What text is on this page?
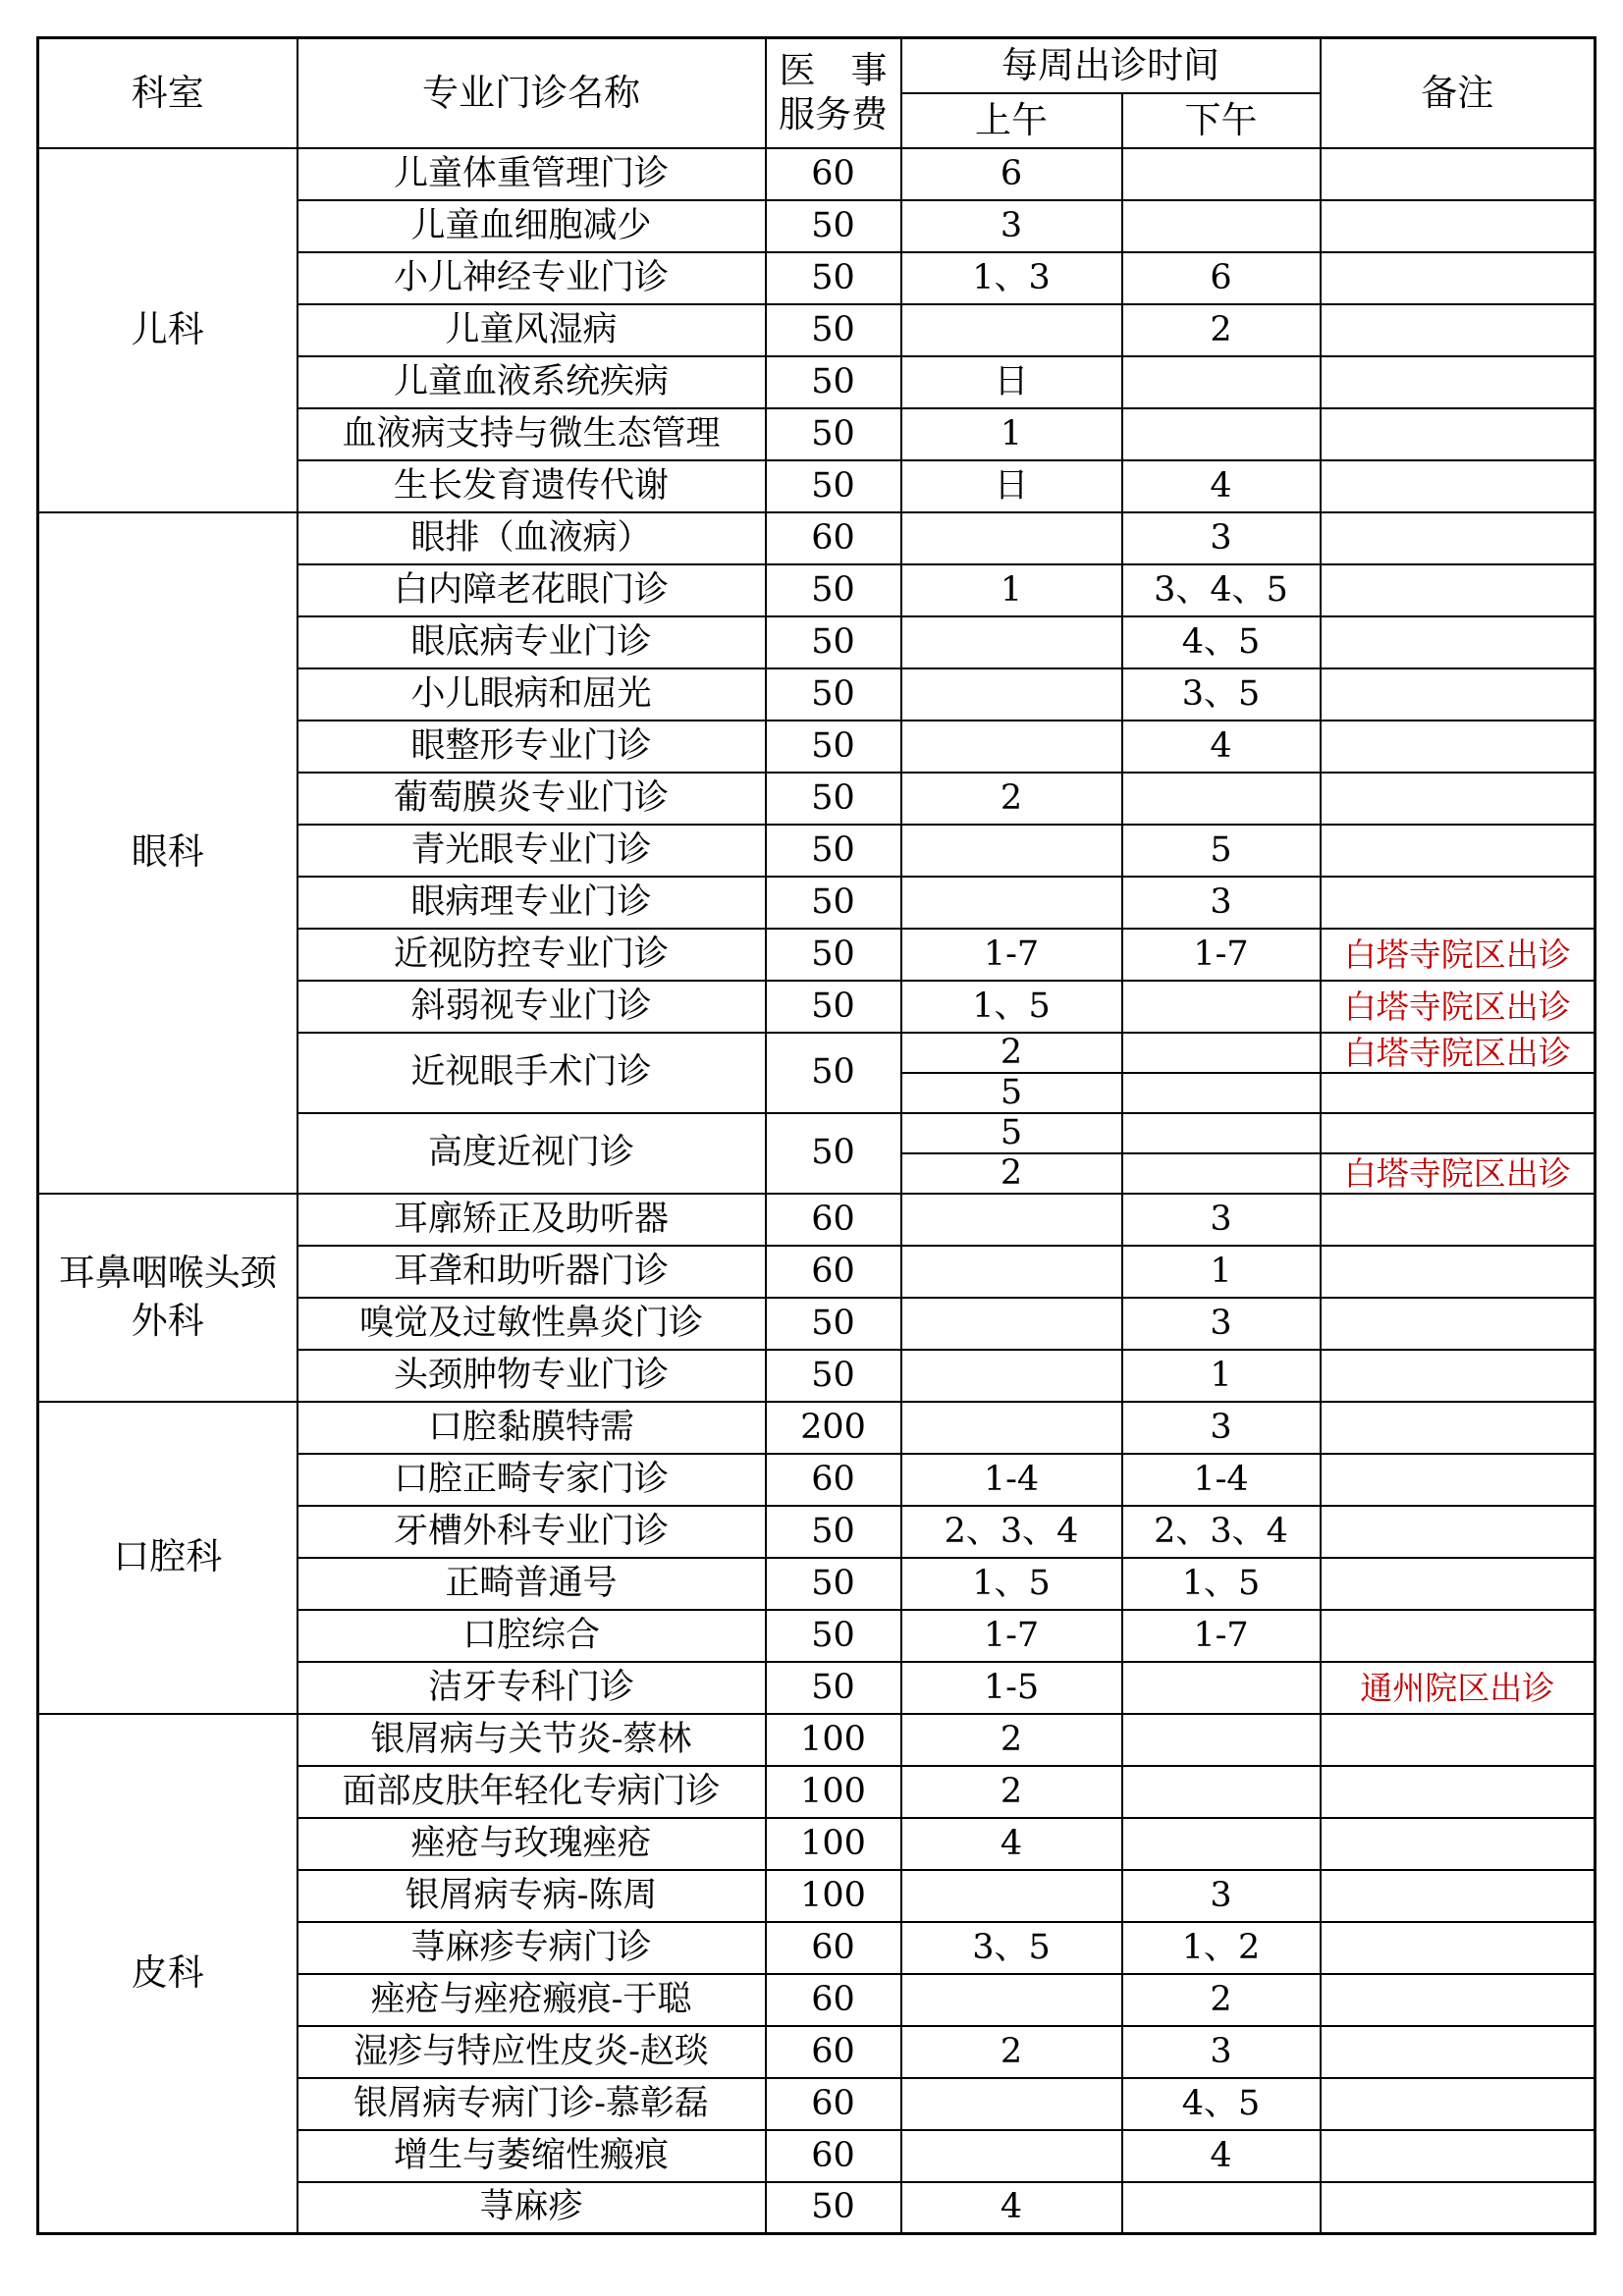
科室	专业门诊名称	医事
服务费	每周出诊时间		备注
			上午	下午	
儿科	儿童体重管理门诊	60	6		
	儿童血细胞减少	50	3		
	小儿神经专业门诊	50	1、3	6	
	儿童风湿病	50		2	
	儿童血液系统疾病	50	日		
	血液病支持与微生态管理	50	1		
	生长发育遗传代谢	50	日	4	
眼科	眼排（血液病）	60		3	
	白内障老花眼门诊	50	1	3、4、5	
	眼底病专业门诊	50		4、5	
	小儿眼病和屈光	50		3、5	
	眼整形专业门诊	50		4	
	葡萄膜炎专业门诊	50	2		
	青光眼专业门诊	50		5	
	眼病理专业门诊	50		3	
	近视防控专业门诊	50	1-7	1-7	白塔寺院区出诊
	斜弱视专业门诊	50	1、5		白塔寺院区出诊
	近视眼手术门诊	50	2		白塔寺院区出诊
			5		
	高度近视门诊	50	5		
			2		白塔寺院区出诊
耳鼻咽喉头颈外科	耳廓矫正及助听器	60		3	
	耳聋和助听器门诊	60		1	
	嗅觉及过敏性鼻炎门诊	50		3	
	头颈肿物专业门诊	50		1	
口腔科	口腔黏膜特需	200		3	
	口腔正畸专家门诊	60	1-4	1-4	
	牙槽外科专业门诊	50	2、3、4	2、3、4	
	正畸普通号	50	1、5	1、5	
	口腔综合	50	1-7	1-7	
	洁牙专科门诊	50	1-5		通州院区出诊
皮科	银屑病与关节炎-蔡林	100	2		
	面部皮肤年轻化专病门诊	100	2		
	痤疮与玫瑰痤疮	100	4		
	银屑病专病-陈周	100		3	
	荨麻疹专病门诊	60	3、5	1、2	
	痤疮与痤疮瘢痕-于聪	60		2	
	湿疹与特应性皮炎-赵琰	60	2	3	
	银屑病专病门诊-慕彰磊	60		4、5	
	增生与萎缩性瘢痕	60		4	
	荨麻疹	50	4		
